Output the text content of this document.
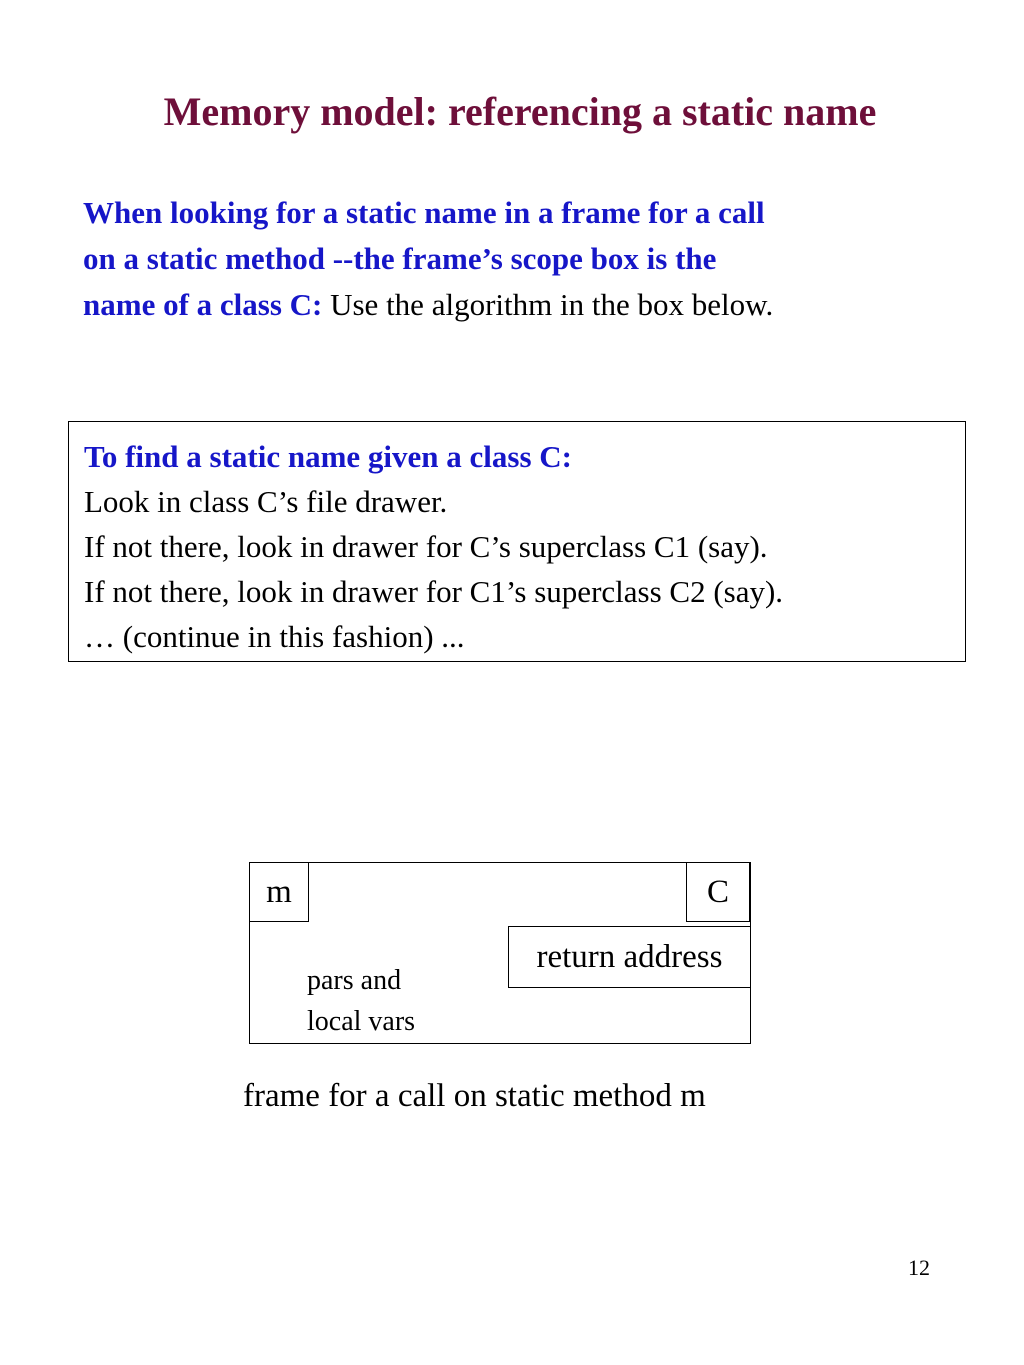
Memory model: referencing a static name
When looking for a static name in a frame for a call
on a static method --the frame’s scope box is the
name of a class C: Use the algorithm in the box below.
To find a static name given a class C:
Look in class C’s file drawer.
If not there, look in drawer for C’s superclass C1 (say).
If not there, look in drawer for C1’s superclass C2 (say).
… (continue in this fashion) ...
m	C
return address
pars and
local vars
frame for a call on static method m
12
